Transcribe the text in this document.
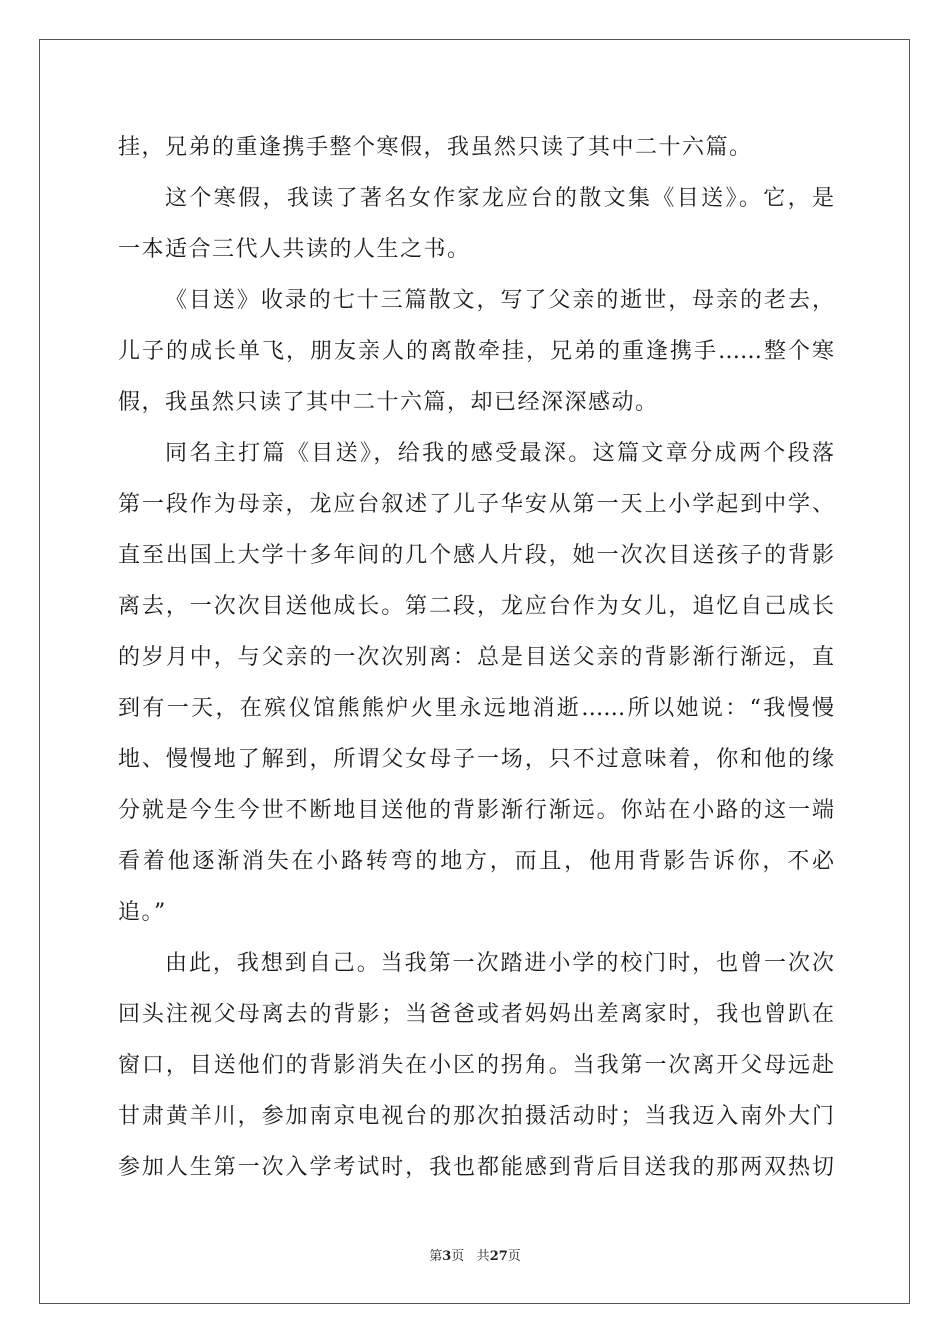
挂，兄弟的重逢携手整个寒假，我虽然只读了其中二十六篇。
这个寒假，我读了著名女作家龙应台的散文集《目送》。它，是
一本适合三代人共读的人生之书。
《目送》收录的七十三篇散文，写了父亲的逝世，母亲的老去，
儿子的成长单飞，朋友亲人的离散牵挂，兄弟的重逢携手……整个寒
假，我虽然只读了其中二十六篇，却已经深深感动。
同名主打篇《目送》，给我的感受最深。这篇文章分成两个段落
第一段作为母亲，龙应台叙述了儿子华安从第一天上小学起到中学、
直至出国上大学十多年间的几个感人片段，她一次次目送孩子的背影
离去，一次次目送他成长。第二段，龙应台作为女儿，追忆自己成长
的岁月中，与父亲的一次次别离：总是目送父亲的背影渐行渐远，直
到有一天，在殡仪馆熊熊炉火里永远地消逝……所以她说：“我慢慢
地、慢慢地了解到，所谓父女母子一场，只不过意味着，你和他的缘
分就是今生今世不断地目送他的背影渐行渐远。你站在小路的这一端
看着他逐渐消失在小路转弯的地方，而且，他用背影告诉你，不必
追。”
由此，我想到自己。当我第一次踏进小学的校门时，也曾一次次
回头注视父母离去的背影；当爸爸或者妈妈出差离家时，我也曾趴在
窗口，目送他们的背影消失在小区的拐角。当我第一次离开父母远赴
甘肃黄羊川，参加南京电视台的那次拍摄活动时；当我迈入南外大门
参加人生第一次入学考试时，我也都能感到背后目送我的那两双热切
第3页 共27页
